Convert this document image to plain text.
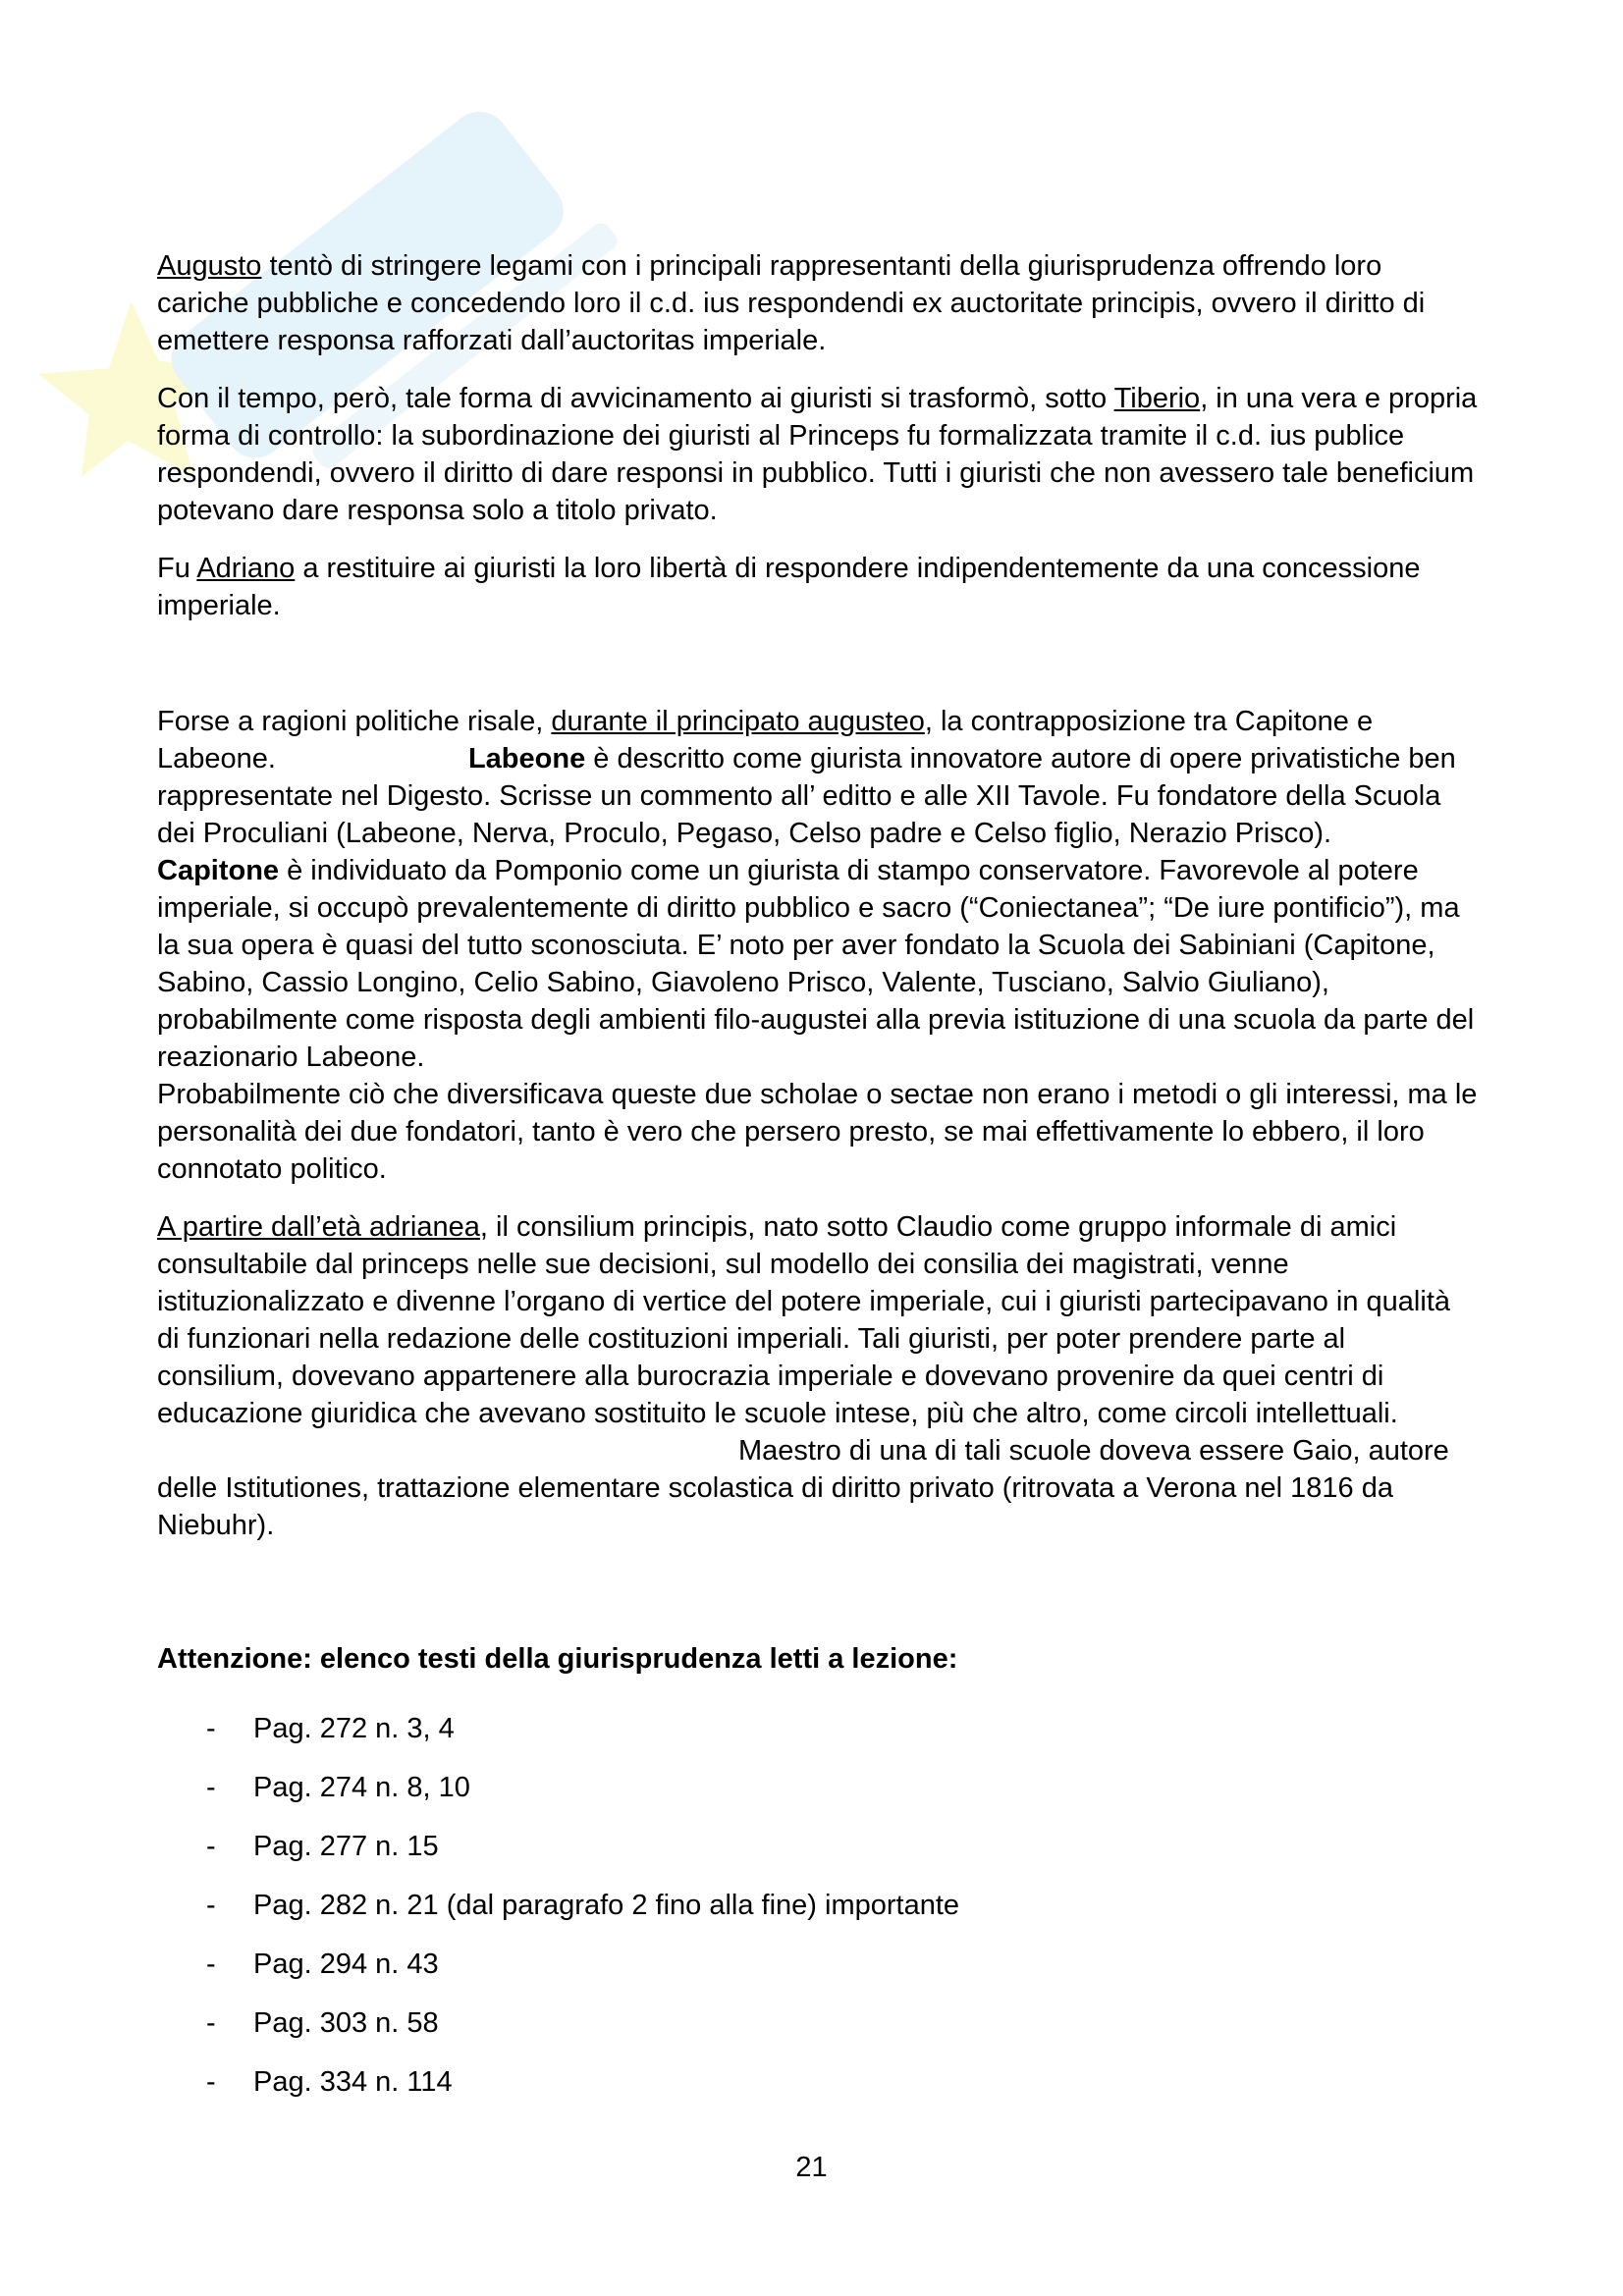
Augusto tentò di stringere legami con i principali rappresentanti della giurisprudenza offrendo loro cariche pubbliche e concedendo loro il c.d. ius respondendi ex auctoritate principis, ovvero il diritto di emettere responsa rafforzati dall’auctoritas imperiale.

Con il tempo, però, tale forma di avvicinamento ai giuristi si trasformò, sotto Tiberio, in una vera e propria forma di controllo: la subordinazione dei giuristi al Princeps fu formalizzata tramite il c.d. ius publice respondendi, ovvero il diritto di dare responsi in pubblico. Tutti i giuristi che non avessero tale beneficium potevano dare responsa solo a titolo privato.

Fu Adriano a restituire ai giuristi la loro libertà di respondere indipendentemente da una concessione imperiale.

Forse a ragioni politiche risale, durante il principato augusteo, la contrapposizione tra Capitone e Labeone.	Labeone è descritto come giurista innovatore autore di opere privatistiche ben rappresentate nel Digesto. Scrisse un commento all’ editto e alle XII Tavole. Fu fondatore della Scuola dei Proculiani (Labeone, Nerva, Proculo, Pegaso, Celso padre e Celso figlio, Nerazio Prisco).
Capitone è individuato da Pomponio come un giurista di stampo conservatore. Favorevole al potere imperiale, si occupò prevalentemente di diritto pubblico e sacro (“Coniectanea”; “De iure pontificio”), ma la sua opera è quasi del tutto sconosciuta. E’ noto per aver fondato la Scuola dei Sabiniani (Capitone, Sabino, Cassio Longino, Celio Sabino, Giavoleno Prisco, Valente, Tusciano, Salvio Giuliano), probabilmente come risposta degli ambienti filo-augustei alla previa istituzione di una scuola da parte del reazionario Labeone.
Probabilmente ciò che diversificava queste due scholae o sectae non erano i metodi o gli interessi, ma le personalità dei due fondatori, tanto è vero che persero presto, se mai effettivamente lo ebbero, il loro connotato politico.

A partire dall’età adrianea, il consilium principis, nato sotto Claudio come gruppo informale di amici consultabile dal princeps nelle sue decisioni, sul modello dei consilia dei magistrati, venne istituzionalizzato e divenne l’organo di vertice del potere imperiale, cui i giuristi partecipavano in qualità di funzionari nella redazione delle costituzioni imperiali. Tali giuristi, per poter prendere parte al consilium, dovevano appartenere alla burocrazia imperiale e dovevano provenire da quei centri di educazione giuridica che avevano sostituito le scuole intese, più che altro, come circoli intellettuali.Maestro di una di tali scuole doveva essere Gaio, autore delle Istitutiones, trattazione elementare scolastica di diritto privato (ritrovata a Verona nel 1816 da Niebuhr).

Attenzione: elenco testi della giurisprudenza letti a lezione:

-	Pag. 272 n. 3, 4
-	Pag. 274 n. 8, 10
-	Pag. 277 n. 15
-	Pag. 282 n. 21 (dal paragrafo 2 fino alla fine) importante
-	Pag. 294 n. 43
-	Pag. 303 n. 58
-	Pag. 334 n. 114
21
